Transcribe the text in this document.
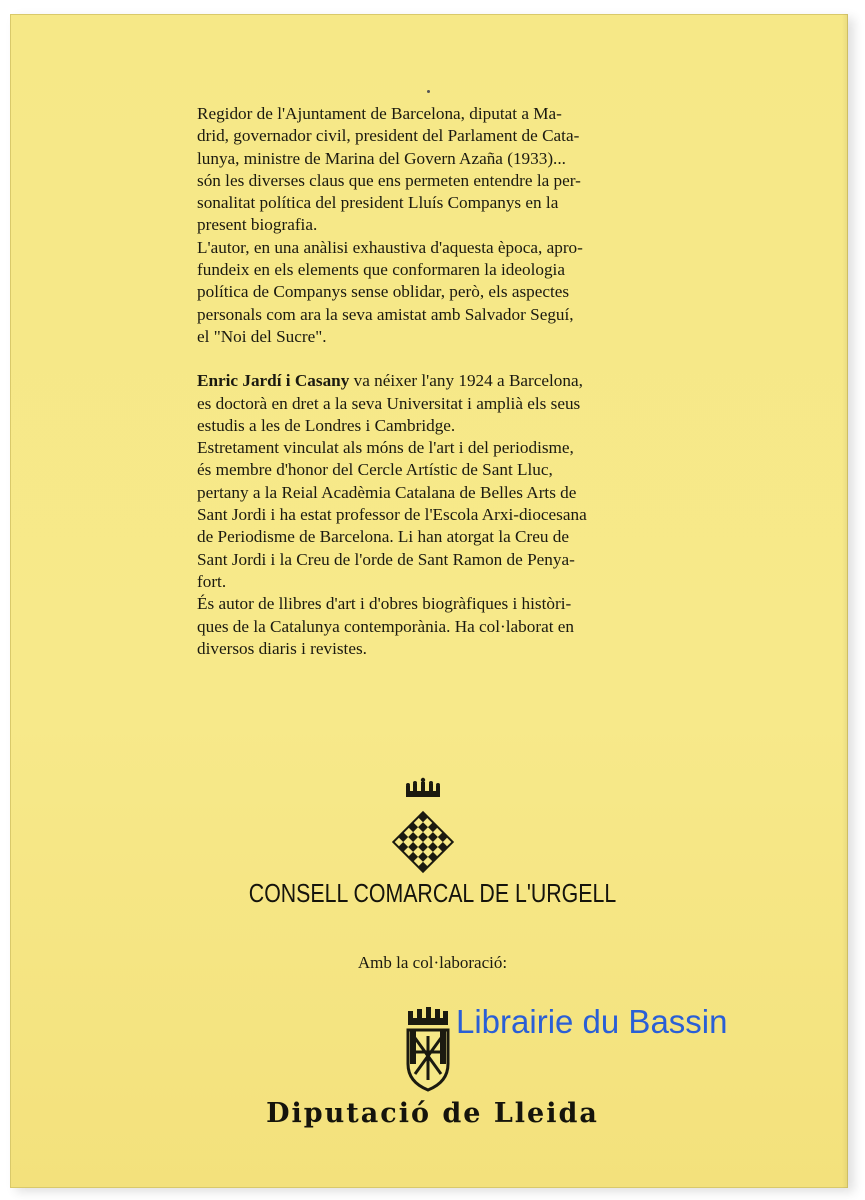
Regidor de l'Ajuntament de Barcelona, diputat a Ma-

drid, governador civil, president del Parlament de Cata-

lunya, ministre de Marina del Govern Azaña (1933)...

són les diverses claus que ens permeten entendre la per-

sonalitat política del president Lluís Companys en la

present biografia.

L'autor, en una anàlisi exhaustiva d'aquesta època, apro-

fundeix en els elements que conformaren la ideologia

política de Companys sense oblidar, però, els aspectes

personals com ara la seva amistat amb Salvador Seguí,

el "Noi del Sucre".

Enric Jardí i Casany va néixer l'any 1924 a Barcelona,

es doctorà en dret a la seva Universitat i amplià els seus

estudis a les de Londres i Cambridge.

Estretament vinculat als móns de l'art i del periodisme,

és membre d'honor del Cercle Artístic de Sant Lluc,

pertany a la Reial Acadèmia Catalana de Belles Arts de

Sant Jordi i ha estat professor de l'Escola Arxi-diocesana

de Periodisme de Barcelona. Li han atorgat la Creu de

Sant Jordi i la Creu de l'orde de Sant Ramon de Penya-

fort.

És autor de llibres d'art i d'obres biogràfiques i històri-

ques de la Catalunya contemporània. Ha col·laborat en

diversos diaris i revistes.

CONSELL COMARCAL DE L'URGELL
Amb la col·laboració:
Librairie du Bassin
Diputació de Lleida
